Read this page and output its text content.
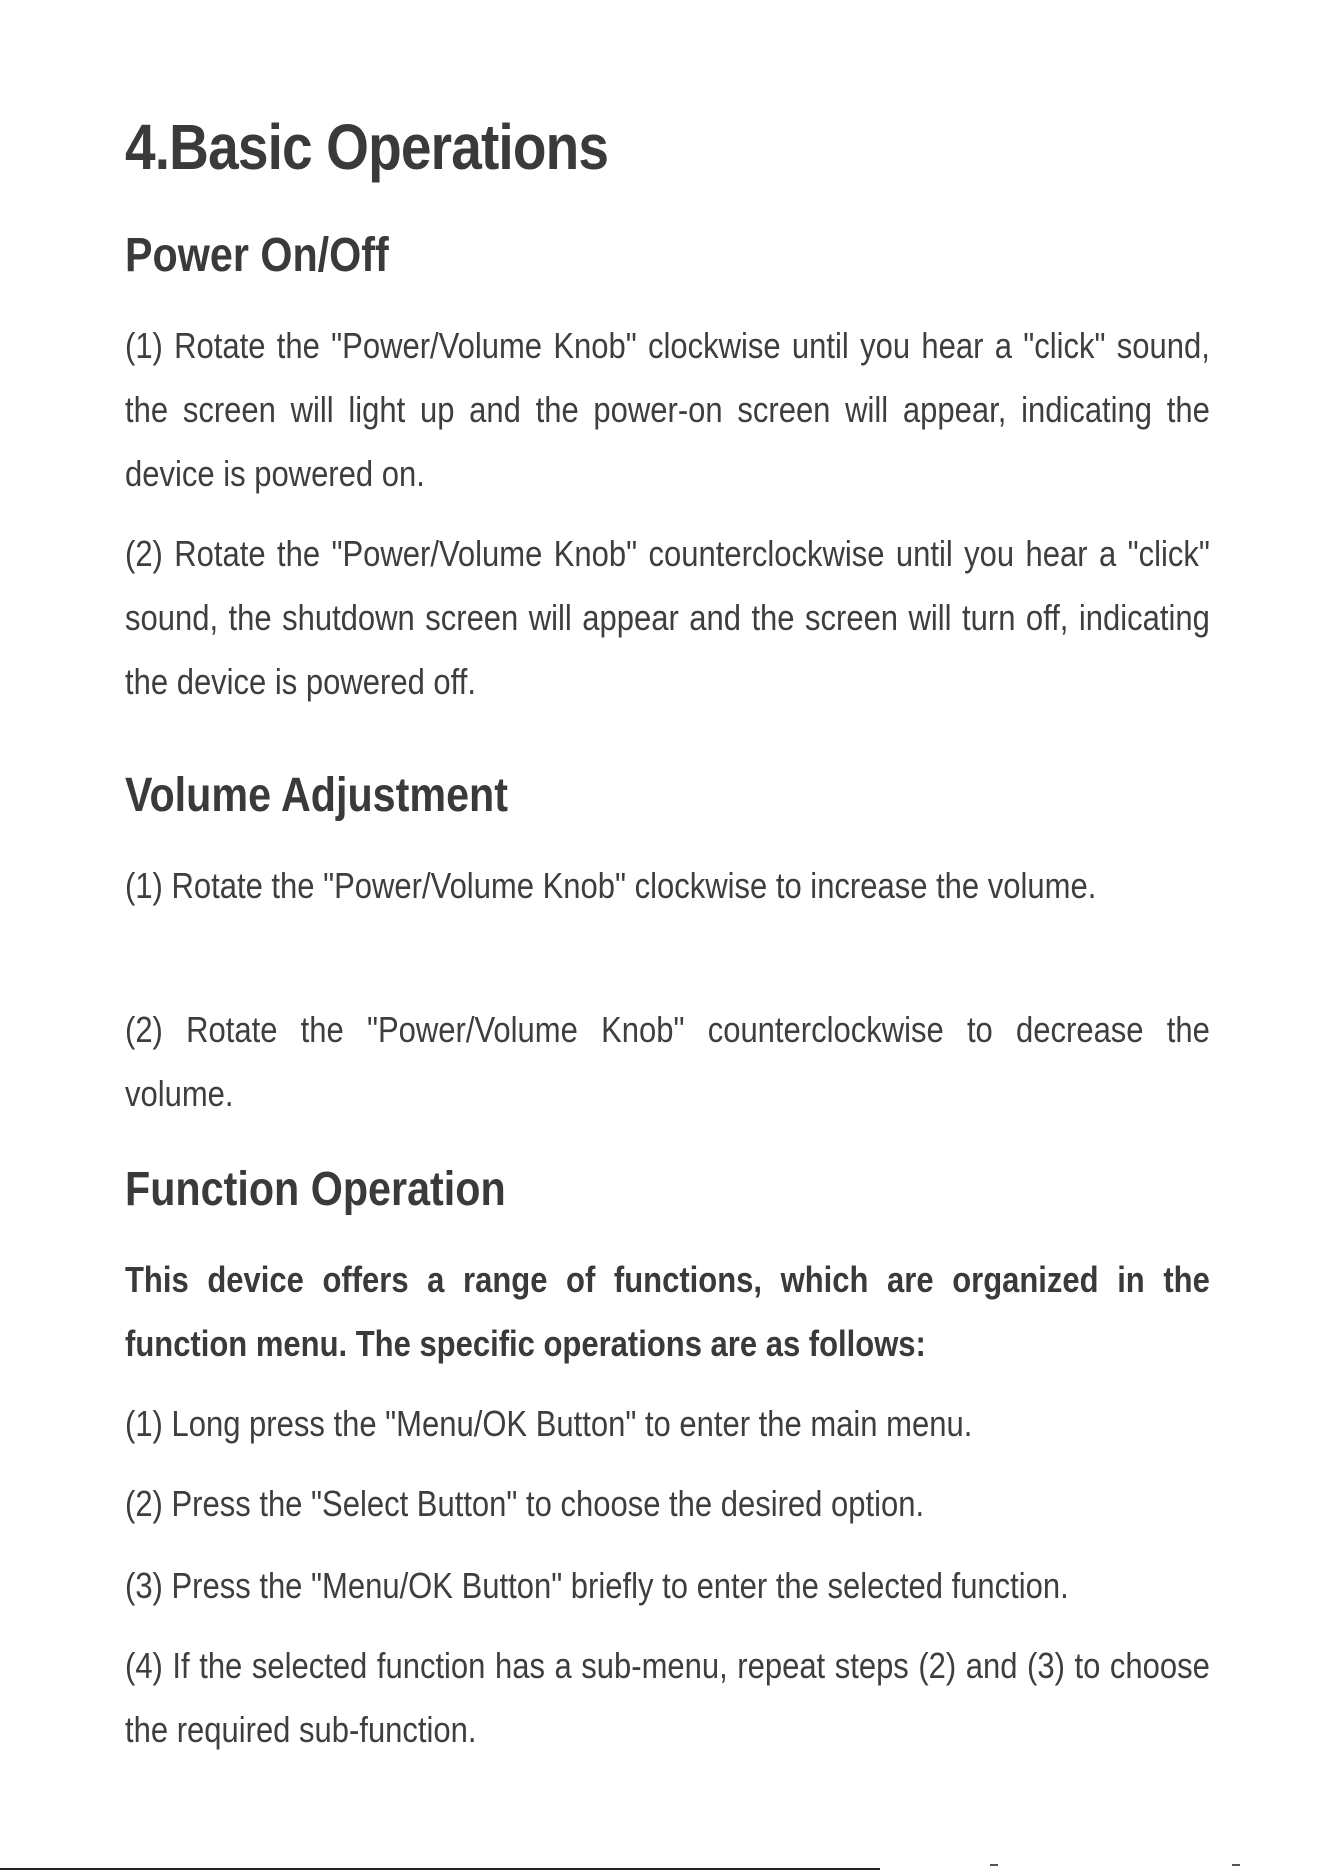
4.Basic Operations
Power On/Off

(1) Rotate the "Power/Volume Knob" clockwise until you hear a "click" sound, the screen will light up and the power-on screen will appear, indicating the device is powered on.

(2) Rotate the "Power/Volume Knob" counterclockwise until you hear a "click" sound, the shutdown screen will appear and the screen will turn off, indicating the device is powered off.

Volume Adjustment

(1) Rotate the "Power/Volume Knob" clockwise to increase the volume.

(2) Rotate the "Power/Volume Knob" counterclockwise to decrease the volume.

Function Operation

This device offers a range of functions, which are organized in the function menu. The specific operations are as follows:

(1) Long press the "Menu/OK Button" to enter the main menu.

(2) Press the "Select Button" to choose the desired option.

(3) Press the "Menu/OK Button" briefly to enter the selected function.

(4) If the selected function has a sub-menu, repeat steps (2) and (3) to choose the required sub-function.
